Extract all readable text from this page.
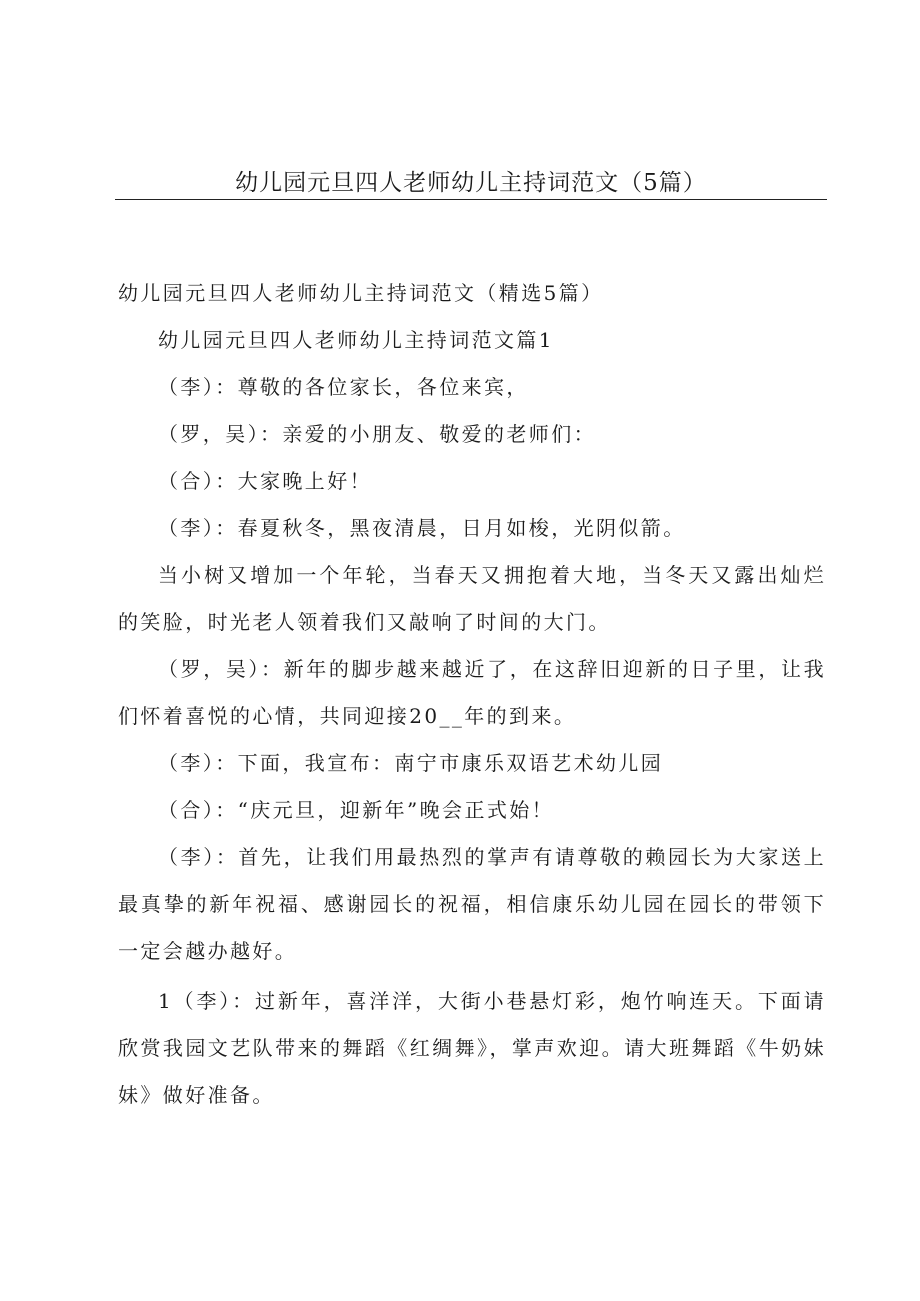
幼儿园元旦四人老师幼儿主持词范文（5篇）

幼儿园元旦四人老师幼儿主持词范文（精选5篇）

幼儿园元旦四人老师幼儿主持词范文篇1

（李）：尊敬的各位家长，各位来宾，

（罗，吴）：亲爱的小朋友、敬爱的老师们：

（合）：大家晚上好！

（李）：春夏秋冬，黑夜清晨，日月如梭，光阴似箭。

当小树又增加一个年轮，当春天又拥抱着大地，当冬天又露出灿烂的笑脸，时光老人领着我们又敲响了时间的大门。

（罗，吴）：新年的脚步越来越近了，在这辞旧迎新的日子里，让我们怀着喜悦的心情，共同迎接20__年的到来。

（李）：下面，我宣布：南宁市康乐双语艺术幼儿园

（合）：“庆元旦，迎新年”晚会正式始！

（李）：首先，让我们用最热烈的掌声有请尊敬的赖园长为大家送上最真挚的新年祝福、感谢园长的祝福，相信康乐幼儿园在园长的带领下一定会越办越好。

1（李）：过新年，喜洋洋，大街小巷悬灯彩，炮竹响连天。下面请欣赏我园文艺队带来的舞蹈《红绸舞》，掌声欢迎。请大班舞蹈《牛奶妹妹》做好准备。
